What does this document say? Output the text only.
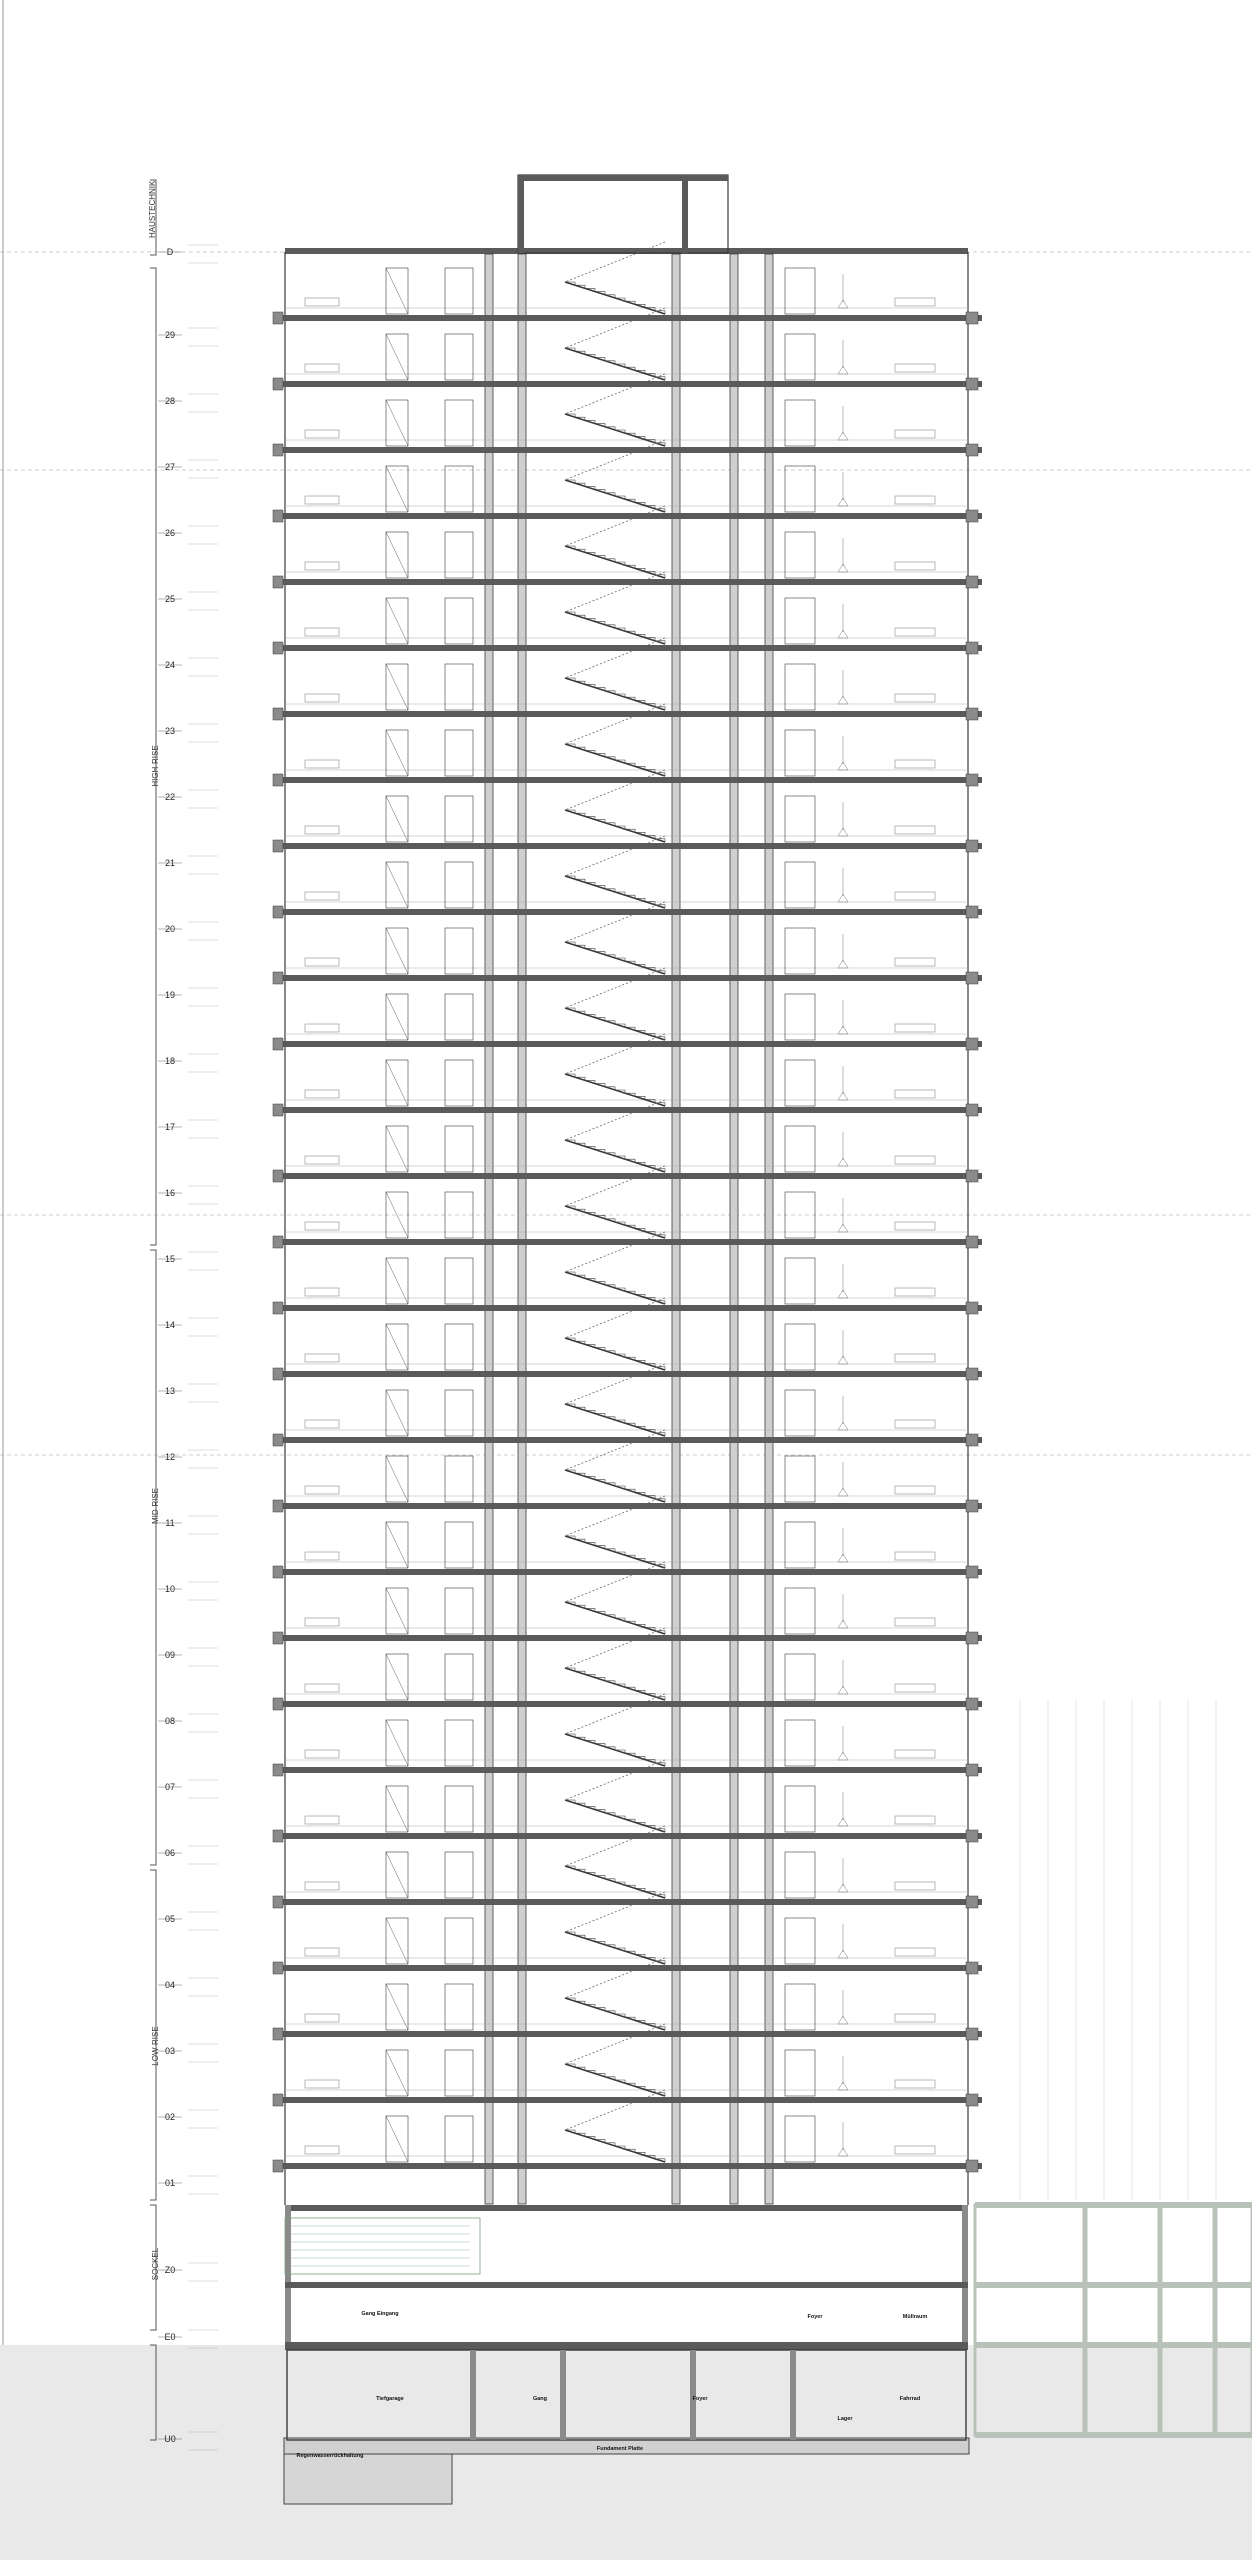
HAUSTECHNIK
HIGH-RISE
MID-RISE
LOW-RISE
SOCKEL
D
29
28
27
26
25
24
23
22
21
20
19
18
17
16
15
14
13
12
11
10
09
08
07
06
05
04
03
02
01
Z0
E0
U0
Gang Eingang	Foyer	Müllraum
Tiefgarage	Gang	Foyer
Lager
Fahrrad
Fundament Platte
Regenwasserrückhaltung
